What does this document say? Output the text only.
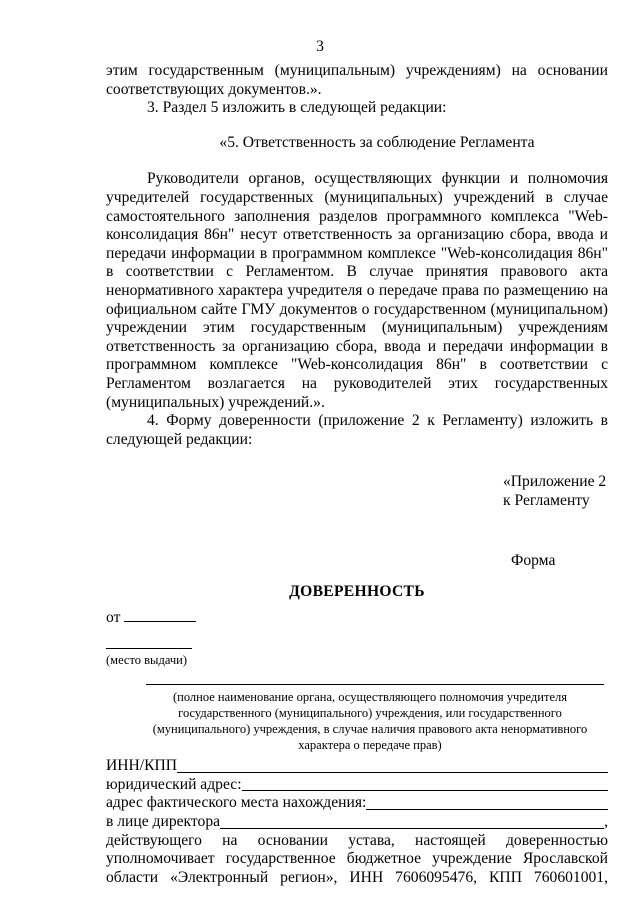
3
этим государственным (муниципальным) учреждениям) на основании
соответствующих документов.».
3. Раздел 5 изложить в следующей редакции:
«5. Ответственность за соблюдение Регламента
Руководители органов, осуществляющих функции и полномочия учредителей государственных (муниципальных) учреждений в случае самостоятельного заполнения разделов программного комплекса "Web-консолидация 86н" несут ответственность за организацию сбора, ввода и передачи информации в программном комплексе "Web-консолидация 86н" в соответствии с Регламентом. В случае принятия правового акта ненормативного характера учредителя о передаче права по размещению на официальном сайте ГМУ документов о государственном (муниципальном) учреждении этим государственным (муниципальным) учреждениям ответственность за организацию сбора, ввода и передачи информации в программном комплексе "Web-консолидация 86н" в соответствии с Регламентом возлагается на руководителей этих государственных (муниципальных) учреждений.».
4. Форму доверенности (приложение 2 к Регламенту) изложить в следующей редакции:
«Приложение 2
к Регламенту
Форма
ДОВЕРЕННОСТЬ
от
(место выдачи)
(полное наименование органа, осуществляющего полномочия учредителя государственного (муниципального) учреждения, или государственного (муниципального) учреждения, в случае наличия правового акта ненормативного характера о передаче прав)
ИНН/КПП
юридический адрес:
адрес фактического места нахождения:
в лице директора	,
действующего на основании устава, настоящей доверенностью
уполномочивает государственное бюджетное учреждение Ярославской
области «Электронный регион», ИНН 7606095476, КПП 760601001,
